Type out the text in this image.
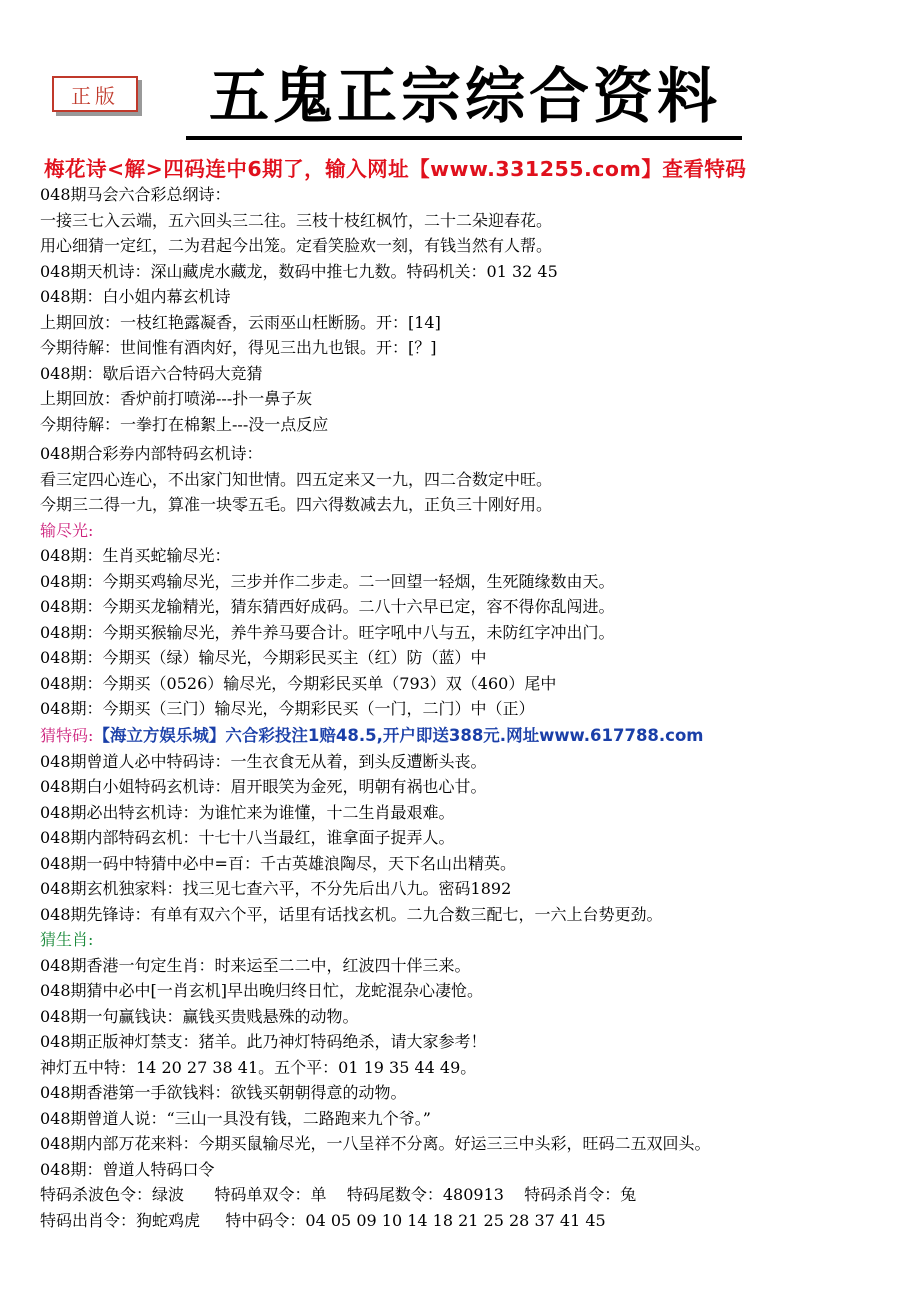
正版	五鬼正宗综合资料
梅花诗<解>四码连中6期了，输入网址【www.331255.com】查看特码
048期马会六合彩总纲诗：
一接三七入云端，五六回头三二往。三枝十枝红枫竹，二十二朵迎春花。
用心细猜一定红，二为君起今出笼。定看笑脸欢一刻，有钱当然有人帮。
048期天机诗：深山藏虎水藏龙，数码中推七九数。特码机关：01 32 45
048期：白小姐内幕玄机诗
上期回放：一枝红艳露凝香，云雨巫山枉断肠。开：[14]
今期待解：世间惟有酒肉好，得见三出九也银。开：[？]
048期：歇后语六合特码大竞猜
上期回放：香炉前打喷涕---扑一鼻子灰
今期待解：一拳打在棉絮上---没一点反应
048期合彩券内部特码玄机诗：
看三定四心连心，不出家门知世情。四五定来又一九，四二合数定中旺。
今期三二得一九，算准一块零五毛。四六得数减去九，正负三十刚好用。
输尽光:
048期：生肖买蛇输尽光：
048期：今期买鸡输尽光，三步并作二步走。二一回望一轻烟，生死随缘数由天。
048期：今期买龙输精光，猜东猜西好成码。二八十六早已定，容不得你乱闯进。
048期：今期买猴输尽光，养牛养马要合计。旺字吼中八与五，未防红字冲出门。
048期：今期买（绿）输尽光，今期彩民买主（红）防（蓝）中
048期：今期买（0526）输尽光，今期彩民买单（793）双（460）尾中
048期：今期买（三门）输尽光，今期彩民买（一门，二门）中（正）
猜特码:【海立方娱乐城】六合彩投注1赔48.5,开户即送388元.网址www.617788.com
048期曾道人必中特码诗：一生衣食无从着，到头反遭断头丧。
048期白小姐特码玄机诗：眉开眼笑为金死，明朝有祸也心甘。
048期必出特玄机诗：为谁忙来为谁懂，十二生肖最艰难。
048期内部特码玄机：十七十八当最红，谁拿面子捉弄人。
048期一码中特猜中必中=百：千古英雄浪陶尽，天下名山出精英。
048期玄机独家料：找三见七查六平，不分先后出八九。密码1892
048期先锋诗：有单有双六个平，话里有话找玄机。二九合数三配七，一六上台势更劲。
猜生肖:
048期香港一句定生肖：时来运至二二中，红波四十伴三来。
048期猜中必中[一肖玄机]早出晚归终日忙，龙蛇混杂心凄怆。
048期一句赢钱诀：赢钱买贵贱悬殊的动物。
048期正版神灯禁支：猪羊。此乃神灯特码绝杀，请大家参考！
神灯五中特：14 20 27 38 41。五个平：01 19 35 44 49。
048期香港第一手欲钱料：欲钱买朝朝得意的动物。
048期曾道人说：“三山一具没有钱，二路跑来九个爷。”
048期内部万花来料：今期买鼠输尽光，一八呈祥不分离。好运三三中头彩，旺码二五双回头。
048期：曾道人特码口令
特码杀波色令：绿波      特码单双令：单    特码尾数令：480913    特码杀肖令：兔
特码出肖令：狗蛇鸡虎     特中码令：04 05 09 10 14 18 21 25 28 37 41 45
